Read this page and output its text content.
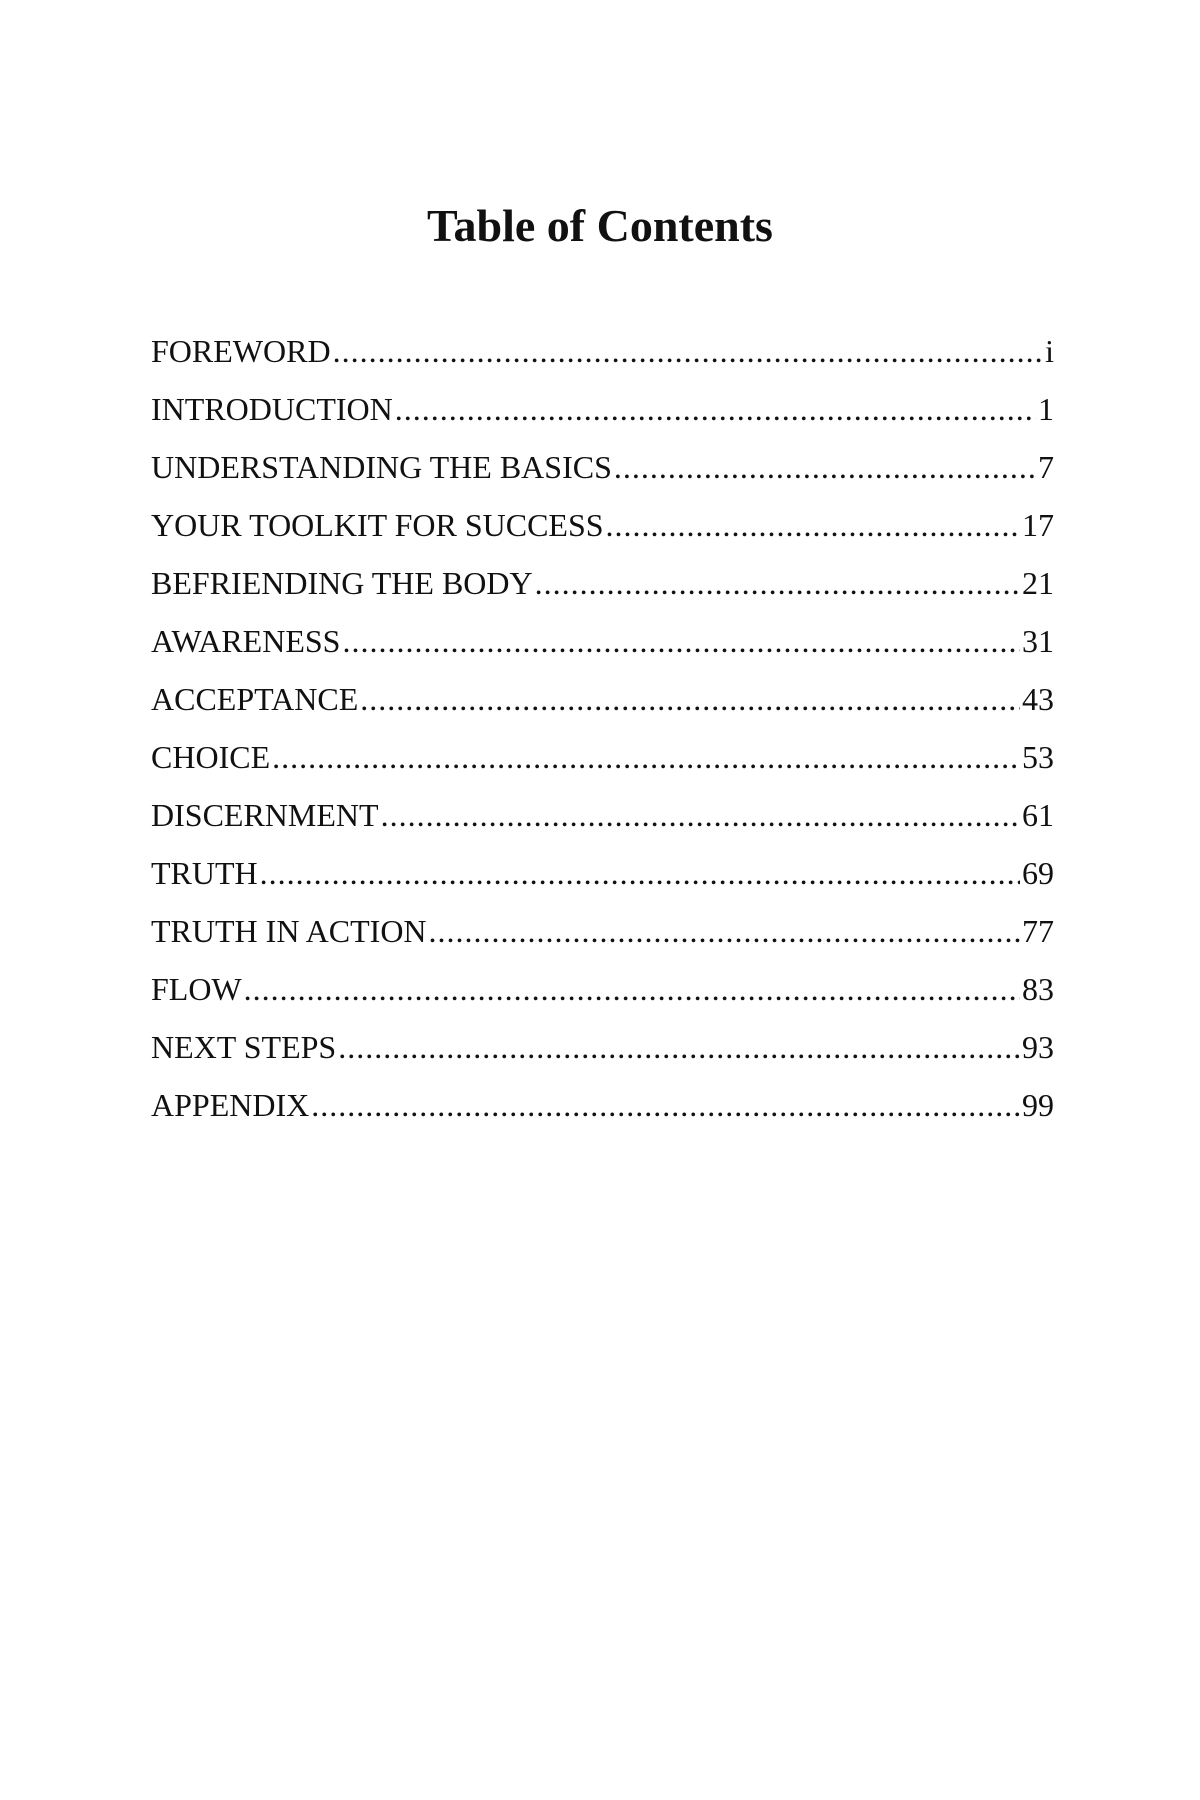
Table of Contents
FOREWORD .....	i
INTRODUCTION .....	1
UNDERSTANDING THE BASICS .....	7
YOUR TOOLKIT FOR SUCCESS .....	17
BEFRIENDING THE BODY .....	21
AWARENESS .....	31
ACCEPTANCE .....	43
CHOICE .....	53
DISCERNMENT .....	61
TRUTH .....	69
TRUTH IN ACTION .....	77
FLOW .....	83
NEXT STEPS .....	93
APPENDIX .....	99
